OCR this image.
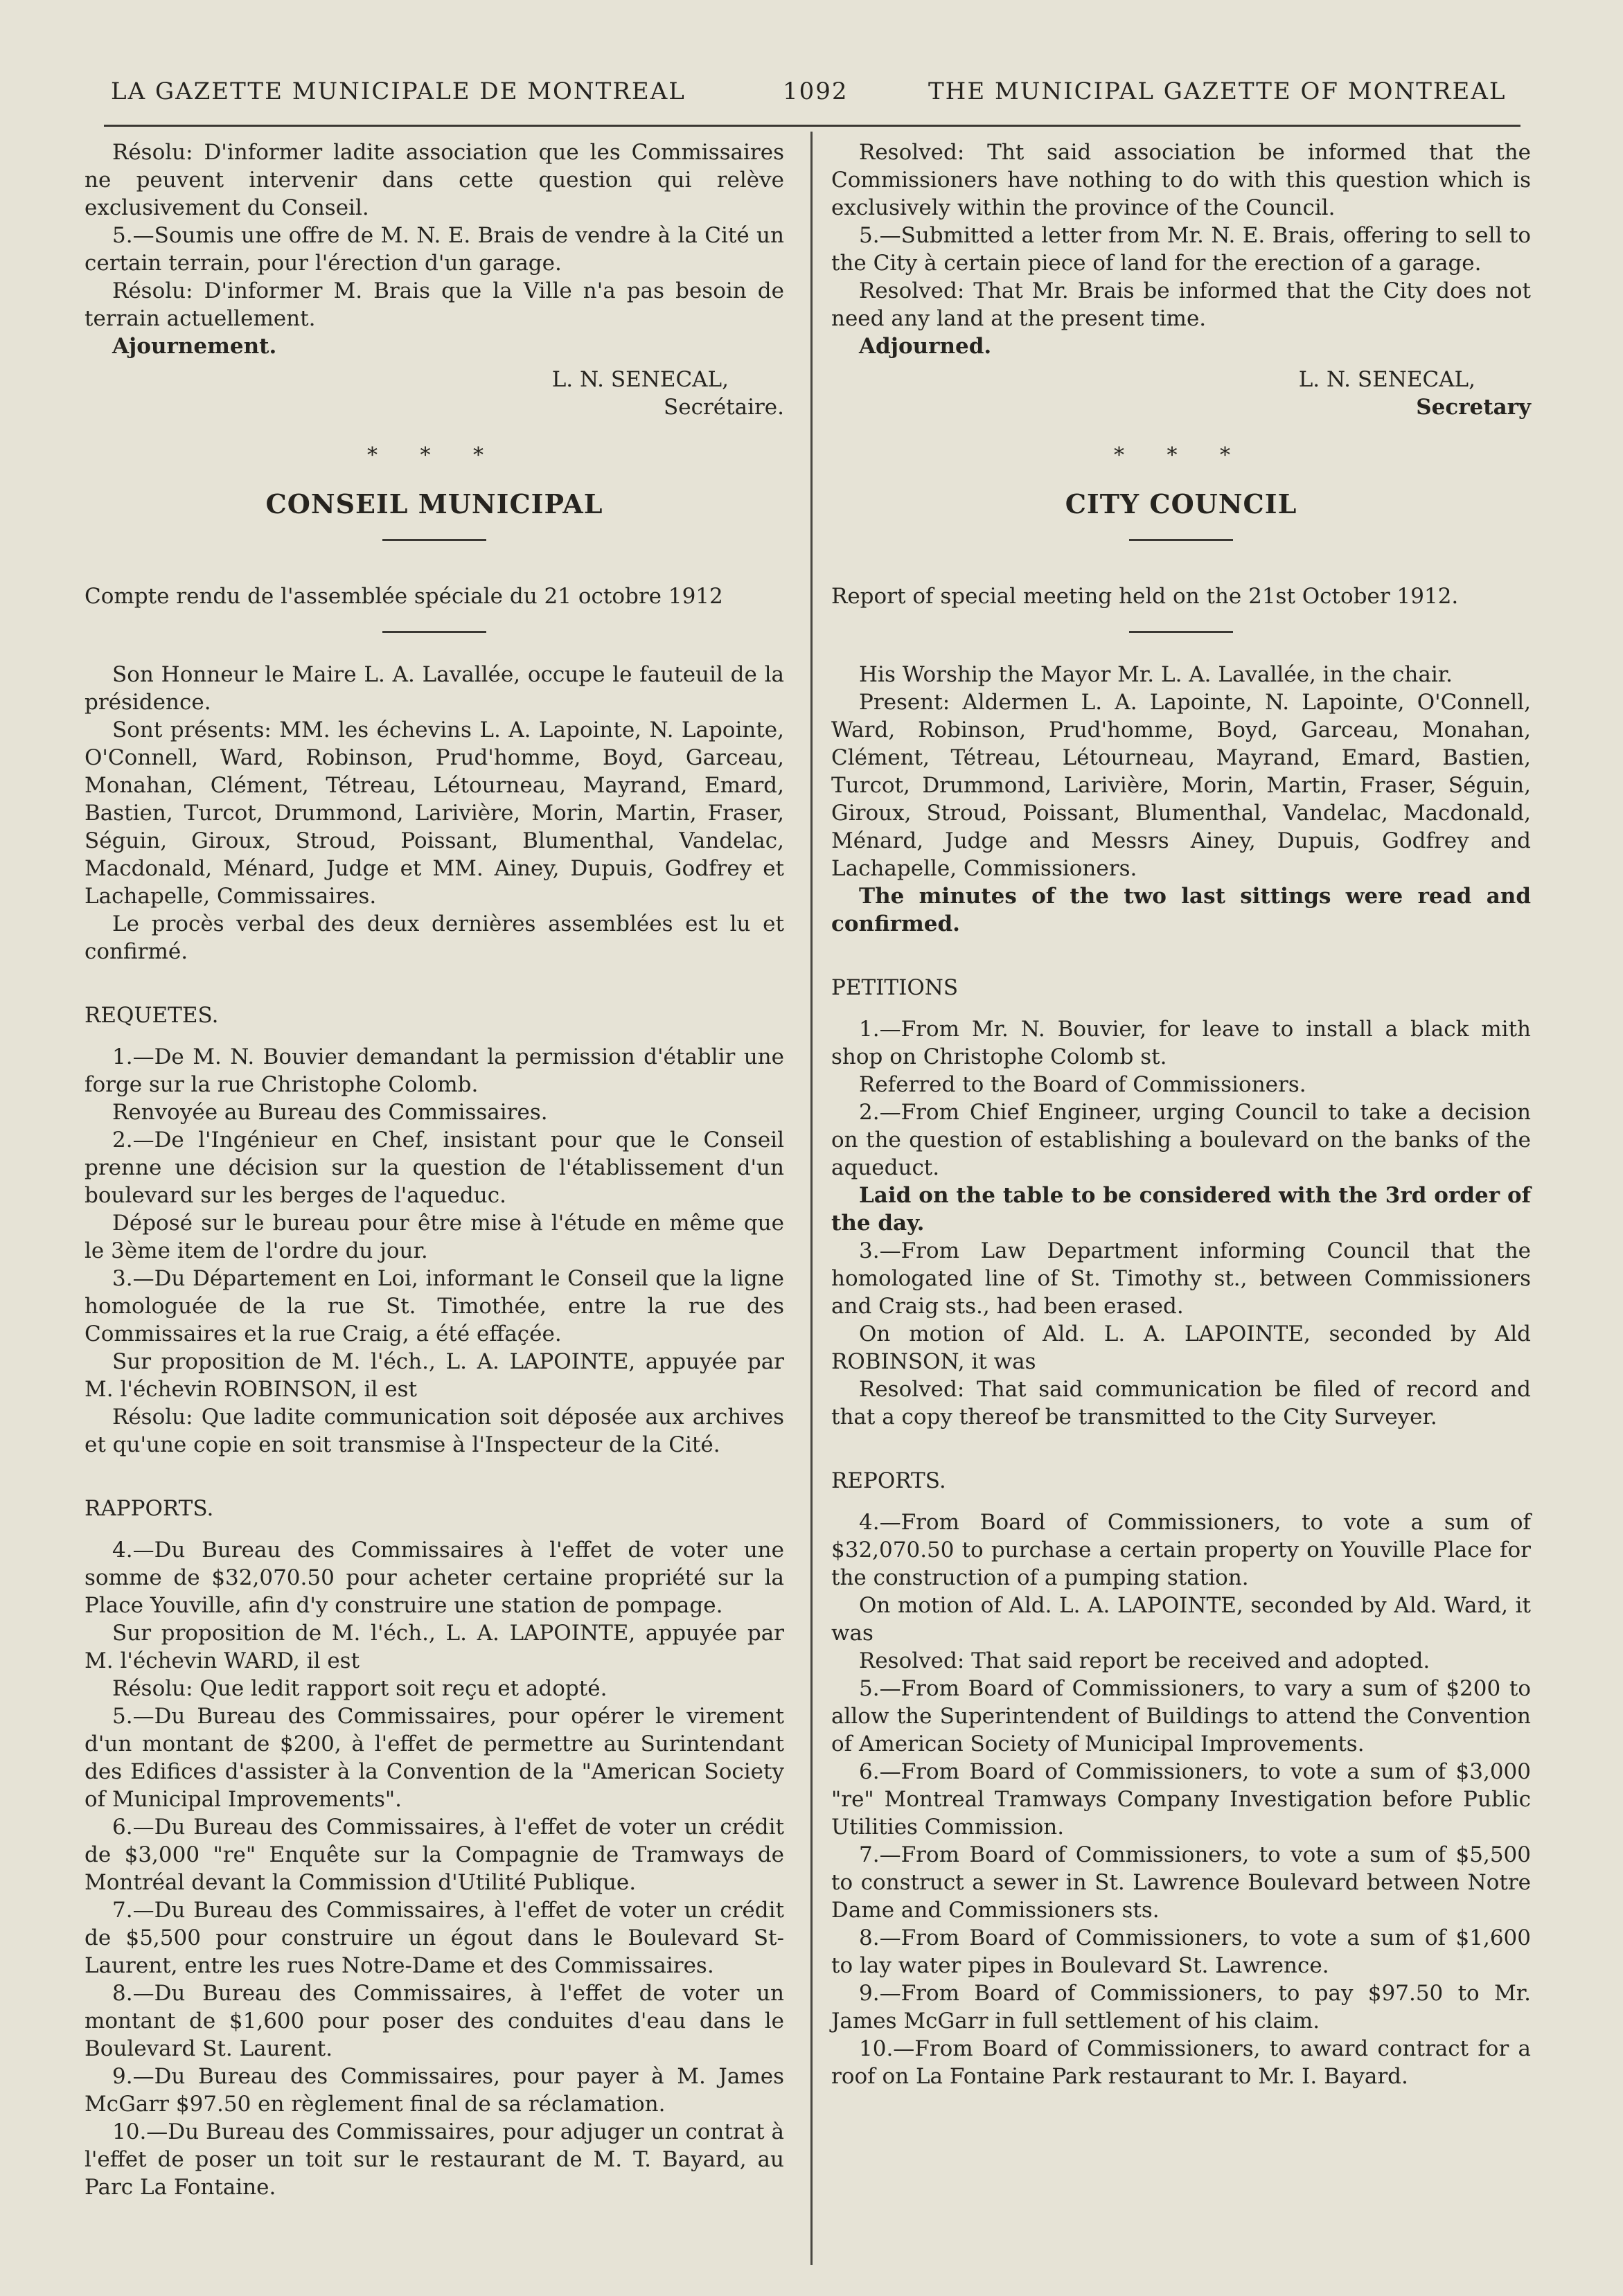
LA GAZETTE MUNICIPALE DE MONTREAL	1092	THE MUNICIPAL GAZETTE OF MONTREAL

Résolu: D'informer ladite association que les Commissaires ne peuvent intervenir dans cette question qui relève exclusivement du Conseil.

5.—Soumis une offre de M. N. E. Brais de vendre à la Cité un certain terrain, pour l'érection d'un garage.

Résolu: D'informer M. Brais que la Ville n'a pas besoin de terrain actuellement.

Ajournement.

L. N. SENECAL,
Secrétaire.
* * *
CONSEIL MUNICIPAL

Compte rendu de l'assemblée spéciale du 21 octobre 1912

Son Honneur le Maire L. A. Lavallée, occupe le fauteuil de la présidence.

Sont présents: MM. les échevins L. A. Lapointe, N. Lapointe, O'Connell, Ward, Robinson, Prud'homme, Boyd, Garceau, Monahan, Clément, Tétreau, Létourneau, Mayrand, Emard, Bastien, Turcot, Drummond, Larivière, Morin, Martin, Fraser, Séguin, Giroux, Stroud, Poissant, Blumenthal, Vandelac, Macdonald, Ménard, Judge et MM. Ainey, Dupuis, Godfrey et Lachapelle, Commissaires.

Le procès verbal des deux dernières assemblées est lu et confirmé.

REQUETES.

1.—De M. N. Bouvier demandant la permission d'établir une forge sur la rue Christophe Colomb.

Renvoyée au Bureau des Commissaires.

2.—De l'Ingénieur en Chef, insistant pour que le Conseil prenne une décision sur la question de l'établissement d'un boulevard sur les berges de l'aqueduc.

Déposé sur le bureau pour être mise à l'étude en même que le 3ème item de l'ordre du jour.

3.—Du Département en Loi, informant le Conseil que la ligne homologuée de la rue St. Timothée, entre la rue des Commissaires et la rue Craig, a été effaçée.

Sur proposition de M. l'éch., L. A. LAPOINTE, appuyée par M. l'échevin ROBINSON, il est

Résolu: Que ladite communication soit déposée aux archives et qu'une copie en soit transmise à l'Inspecteur de la Cité.

RAPPORTS.

4.—Du Bureau des Commissaires à l'effet de voter une somme de $32,070.50 pour acheter certaine propriété sur la Place Youville, afin d'y construire une station de pompage.

Sur proposition de M. l'éch., L. A. LAPOINTE, appuyée par M. l'échevin WARD, il est

Résolu: Que ledit rapport soit reçu et adopté.

5.—Du Bureau des Commissaires, pour opérer le virement d'un montant de $200, à l'effet de permettre au Surintendant des Edifices d'assister à la Convention de la "American Society of Municipal Improvements".

6.—Du Bureau des Commissaires, à l'effet de voter un crédit de $3,000 "re" Enquête sur la Compagnie de Tramways de Montréal devant la Commission d'Utilité Publique.

7.—Du Bureau des Commissaires, à l'effet de voter un crédit de $5,500 pour construire un égout dans le Boulevard St-Laurent, entre les rues Notre-Dame et des Commissaires.

8.—Du Bureau des Commissaires, à l'effet de voter un montant de $1,600 pour poser des conduites d'eau dans le Boulevard St. Laurent.

9.—Du Bureau des Commissaires, pour payer à M. James McGarr $97.50 en règlement final de sa réclamation.

10.—Du Bureau des Commissaires, pour adjuger un contrat à l'effet de poser un toit sur le restaurant de M. T. Bayard, au Parc La Fontaine.

Resolved: Tht said association be informed that the Commissioners have nothing to do with this question which is exclusively within the province of the Council.

5.—Submitted a letter from Mr. N. E. Brais, offering to sell to the City à certain piece of land for the erection of a garage.

Resolved: That Mr. Brais be informed that the City does not need any land at the present time.

Adjourned.

L. N. SENECAL,
Secretary
* * *
CITY COUNCIL

Report of special meeting held on the 21st October 1912.

His Worship the Mayor Mr. L. A. Lavallée, in the chair.

Present: Aldermen L. A. Lapointe, N. Lapointe, O'Connell, Ward, Robinson, Prud'homme, Boyd, Garceau, Monahan, Clément, Tétreau, Létourneau, Mayrand, Emard, Bastien, Turcot, Drummond, Larivière, Morin, Martin, Fraser, Séguin, Giroux, Stroud, Poissant, Blumenthal, Vandelac, Macdonald, Ménard, Judge and Messrs Ainey, Dupuis, Godfrey and Lachapelle, Commissioners.

The minutes of the two last sittings were read and confirmed.

PETITIONS

1.—From Mr. N. Bouvier, for leave to install a black mith shop on Christophe Colomb st.

Referred to the Board of Commissioners.

2.—From Chief Engineer, urging Council to take a decision on the question of establishing a boulevard on the banks of the aqueduct.

Laid on the table to be considered with the 3rd order of the day.

3.—From Law Department informing Council that the homologated line of St. Timothy st., between Commissioners and Craig sts., had been erased.

On motion of Ald. L. A. LAPOINTE, seconded by Ald ROBINSON, it was

Resolved: That said communication be filed of record and that a copy thereof be transmitted to the City Surveyer.

REPORTS.

4.—From Board of Commissioners, to vote a sum of $32,070.50 to purchase a certain property on Youville Place for the construction of a pumping station.

On motion of Ald. L. A. LAPOINTE, seconded by Ald. Ward, it was

Resolved: That said report be received and adopted.

5.—From Board of Commissioners, to vary a sum of $200 to allow the Superintendent of Buildings to attend the Convention of American Society of Municipal Improvements.

6.—From Board of Commissioners, to vote a sum of $3,000 "re" Montreal Tramways Company Investigation before Public Utilities Commission.

7.—From Board of Commissioners, to vote a sum of $5,500 to construct a sewer in St. Lawrence Boulevard between Notre Dame and Commissioners sts.

8.—From Board of Commissioners, to vote a sum of $1,600 to lay water pipes in Boulevard St. Lawrence.

9.—From Board of Commissioners, to pay $97.50 to Mr. James McGarr in full settlement of his claim.

10.—From Board of Commissioners, to award contract for a roof on La Fontaine Park restaurant to Mr. I. Bayard.
